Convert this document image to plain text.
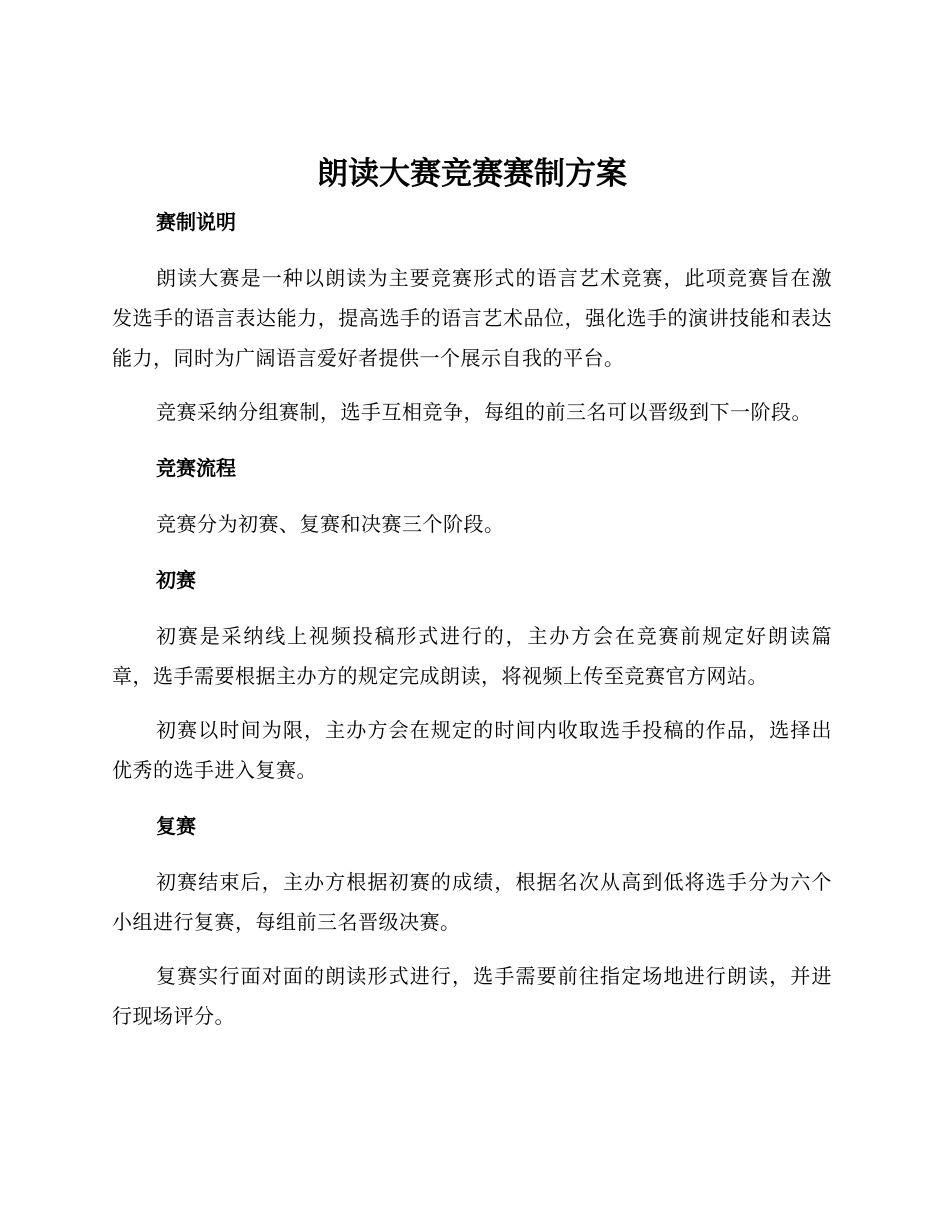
朗读大赛竞赛赛制方案
赛制说明

朗读大赛是一种以朗读为主要竞赛形式的语言艺术竞赛，此项竞赛旨在激发选手的语言表达能力，提高选手的语言艺术品位，强化选手的演讲技能和表达能力，同时为广阔语言爱好者提供一个展示自我的平台。

竞赛采纳分组赛制，选手互相竞争，每组的前三名可以晋级到下一阶段。

竞赛流程

竞赛分为初赛、复赛和决赛三个阶段。

初赛

初赛是采纳线上视频投稿形式进行的，主办方会在竞赛前规定好朗读篇章，选手需要根据主办方的规定完成朗读，将视频上传至竞赛官方网站。

初赛以时间为限，主办方会在规定的时间内收取选手投稿的作品，选择出优秀的选手进入复赛。

复赛

初赛结束后，主办方根据初赛的成绩，根据名次从高到低将选手分为六个小组进行复赛，每组前三名晋级决赛。

复赛实行面对面的朗读形式进行，选手需要前往指定场地进行朗读，并进行现场评分。
